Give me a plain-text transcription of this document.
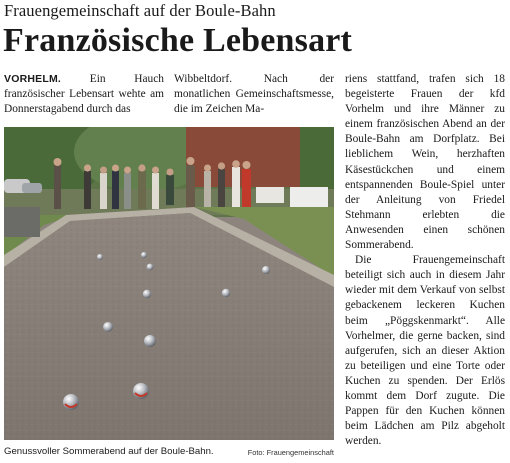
Frauengemeinschaft auf der Boule-Bahn
Französische Lebensart

VORHELM.	Ein Hauch französischer Lebensart wehte am Donnerstagabend durch das

Wibbeltdorf. Nach der monatlichen Gemeinschaftsmesse, die im Zeichen Ma-

riens stattfand, trafen sich 18 begeisterte Frauen der kfd Vorhelm und ihre Männer zu einem französischen Abend an der Boule-Bahn am Dorfplatz. Bei lieblichem Wein, herzhaften Käsestückchen und einem entspannenden Boule-Spiel unter der Anleitung von Friedel Stehmann erlebten die Anwesenden einen schönen Sommerabend.

Die Frauengemeinschaft beteiligt sich auch in diesem Jahr wieder mit dem Verkauf von selbst gebackenem leckeren Kuchen beim „Pöggskenmarkt“. Alle Vorhelmer, die gerne backen, sind aufgerufen, sich an dieser Aktion zu beteiligen und eine Torte oder Kuchen zu spenden. Der Erlös kommt dem Dorf zugute. Die Pappen für den Kuchen können beim Lädchen am Pilz abgeholt werden.

Genussvoller Sommerabend auf der Boule-Bahn.	Foto: Frauengemeinschaft
